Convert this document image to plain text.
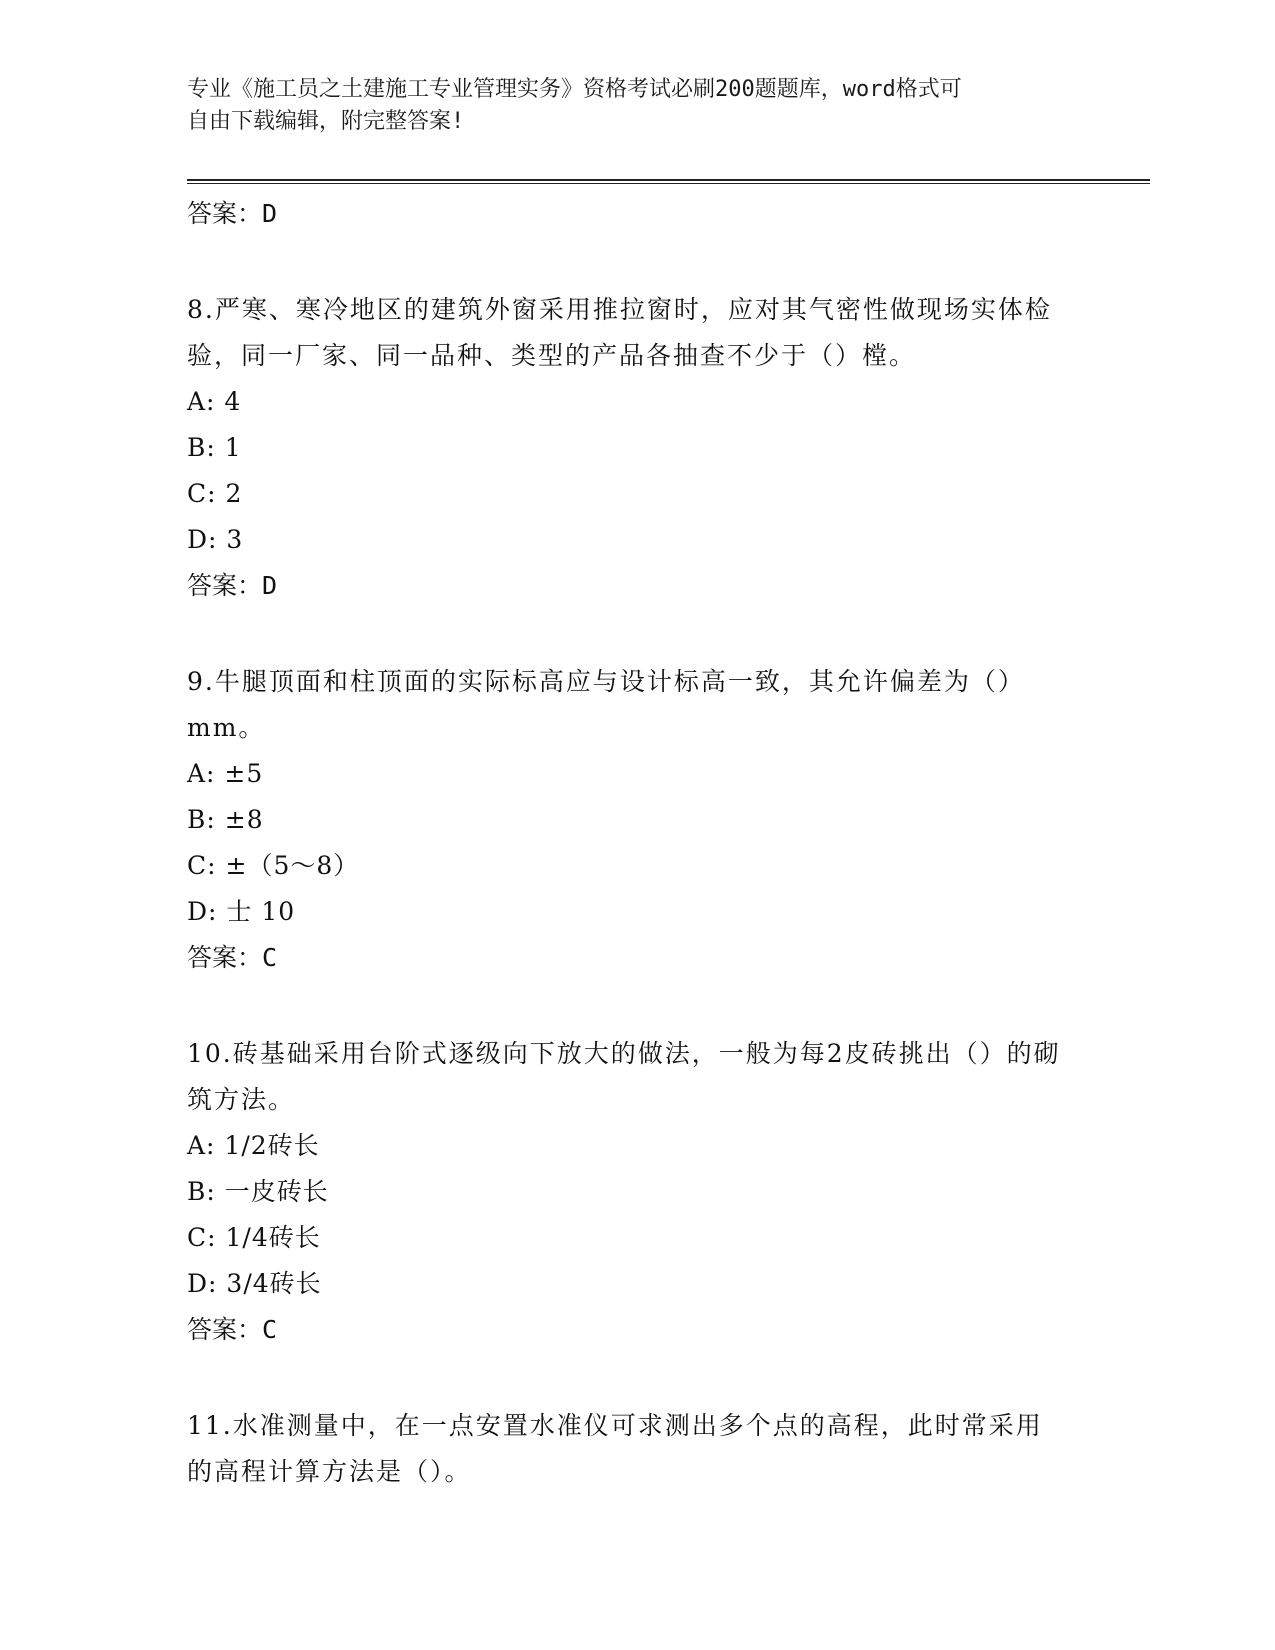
专业《施工员之土建施工专业管理实务》资格考试必刷200题题库，word格式可
自由下载编辑，附完整答案!
答案：D
8.严寒、寒冷地区的建筑外窗采用推拉窗时，应对其气密性做现场实体检验，同一厂家、同一品种、类型的产品各抽查不少于（）樘。
A: 4
B: 1
C: 2
D: 3
答案：D
9.牛腿顶面和柱顶面的实际标高应与设计标高一致，其允许偏差为（）mm。
A: ±5
B: ±8
C: ±（5～8）
D: 士 10
答案：C
10.砖基础采用台阶式逐级向下放大的做法，一般为每2皮砖挑出（）的砌筑方法。
A: 1/2砖长
B: 一皮砖长
C: 1/4砖长
D: 3/4砖长
答案：C
11.水准测量中，在一点安置水准仪可求测出多个点的高程，此时常采用的高程计算方法是（）。
